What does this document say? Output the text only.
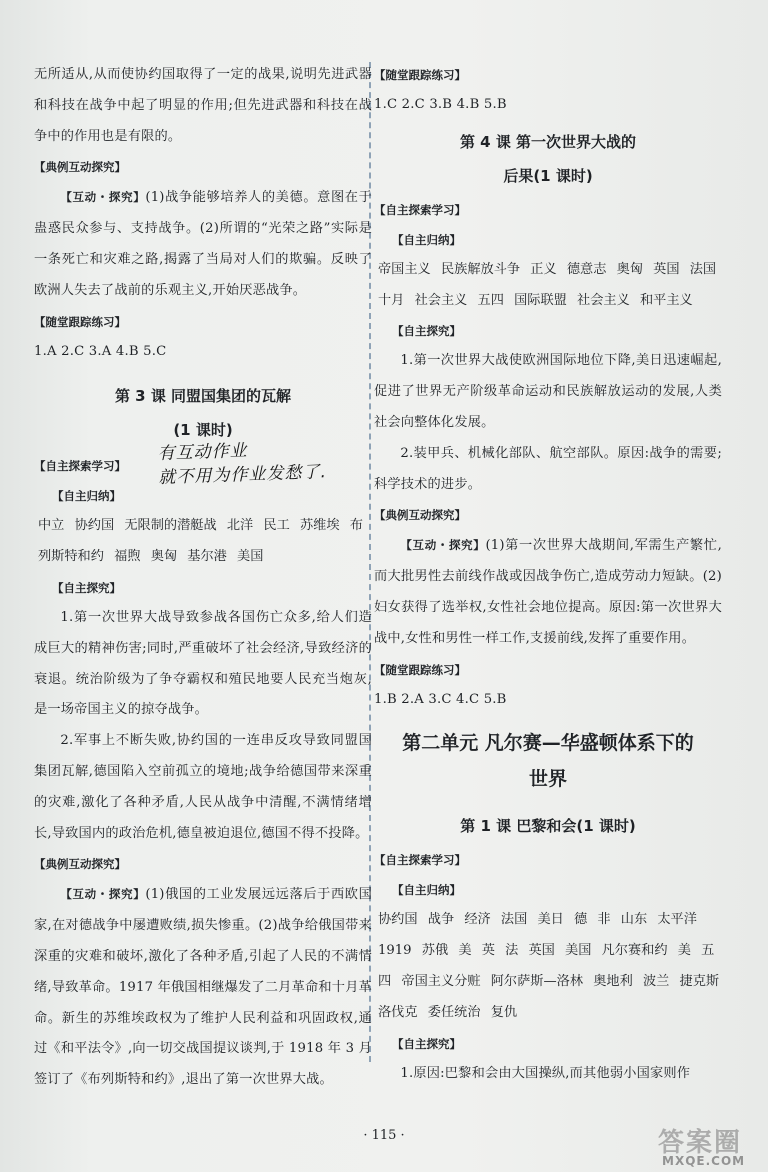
无所适从,从而使协约国取得了一定的战果,说明先进武器和科技在战争中起了明显的作用;但先进武器和科技在战争中的作用也是有限的。

【典例互动探究】

【互动・探究】(1)战争能够培养人的美德。意图在于蛊惑民众参与、支持战争。(2)所谓的“光荣之路”实际是一条死亡和灾难之路,揭露了当局对人们的欺骗。反映了欧洲人失去了战前的乐观主义,开始厌恶战争。

【随堂跟踪练习】

1.A 2.C 3.A 4.B 5.C

第 3 课 同盟国集团的瓦解

(1 课时)

【自主探索学习】

【自主归纳】

中立 协约国 无限制的潜艇战 北洋 民工 苏维埃 布列斯特和约 福煦 奥匈 基尔港 美国

【自主探究】

1.第一次世界大战导致参战各国伤亡众多,给人们造成巨大的精神伤害;同时,严重破坏了社会经济,导致经济的衰退。统治阶级为了争夺霸权和殖民地要人民充当炮灰,是一场帝国主义的掠夺战争。

2.军事上不断失败,协约国的一连串反攻导致同盟国集团瓦解,德国陷入空前孤立的境地;战争给德国带来深重的灾难,激化了各种矛盾,人民从战争中清醒,不满情绪增长,导致国内的政治危机,德皇被迫退位,德国不得不投降。

【典例互动探究】

【互动・探究】(1)俄国的工业发展远远落后于西欧国家,在对德战争中屡遭败绩,损失惨重。(2)战争给俄国带来深重的灾难和破坏,激化了各种矛盾,引起了人民的不满情绪,导致革命。1917 年俄国相继爆发了二月革命和十月革命。新生的苏维埃政权为了维护人民利益和巩固政权,通过《和平法令》,向一切交战国提议谈判,于 1918 年 3 月签订了《布列斯特和约》,退出了第一次世界大战。

有互动作业
就不用为作业发愁了.

【随堂跟踪练习】

1.C 2.C 3.B 4.B 5.B

第 4 课 第一次世界大战的

后果(1 课时)

【自主探索学习】

【自主归纳】

帝国主义 民族解放斗争 正义 德意志 奥匈 英国 法国 十月 社会主义 五四 国际联盟 社会主义 和平主义

【自主探究】

1.第一次世界大战使欧洲国际地位下降,美日迅速崛起,促进了世界无产阶级革命运动和民族解放运动的发展,人类社会向整体化发展。

2.装甲兵、机械化部队、航空部队。原因:战争的需要;科学技术的进步。

【典例互动探究】

【互动・探究】(1)第一次世界大战期间,军需生产繁忙,而大批男性去前线作战或因战争伤亡,造成劳动力短缺。(2)妇女获得了选举权,女性社会地位提高。原因:第一次世界大战中,女性和男性一样工作,支援前线,发挥了重要作用。

【随堂跟踪练习】

1.B 2.A 3.C 4.C 5.B

第二单元 凡尔赛—华盛顿体系下的

世界

第 1 课 巴黎和会(1 课时)

【自主探索学习】

【自主归纳】

协约国 战争 经济 法国 美日 德 非 山东 太平洋 1919 苏俄 美 英 法 英国 美国 凡尔赛和约 美 五四 帝国主义分赃 阿尔萨斯—洛林 奥地利 波兰 捷克斯洛伐克 委任统治 复仇

【自主探究】

1.原因:巴黎和会由大国操纵,而其他弱小国家则作

· 115 ·	答案圈
MXQE.COM
